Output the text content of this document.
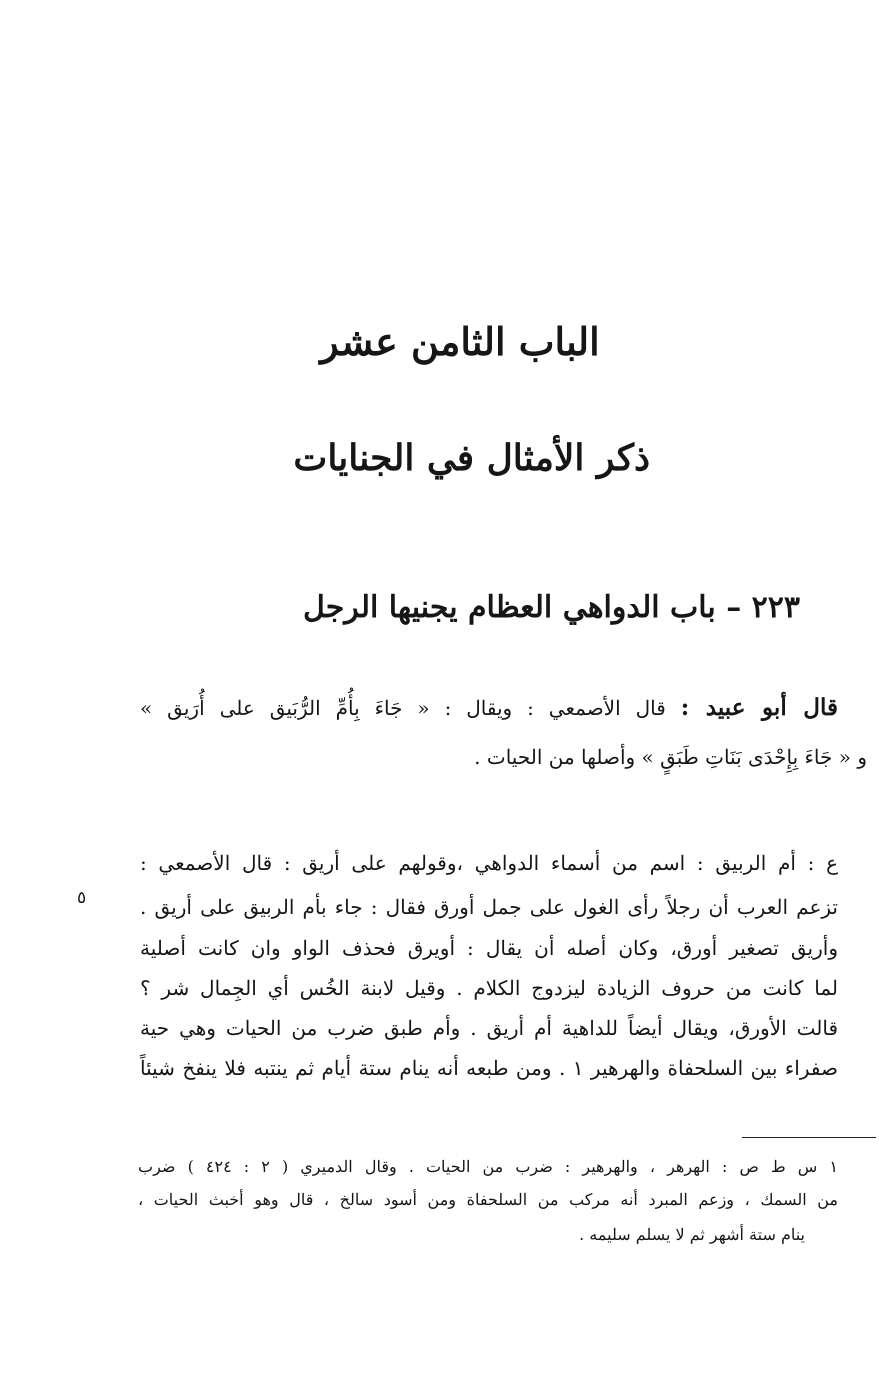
الباب الثامن عشر
ذكر الأمثال في الجنايات
٢٢٣ – باب الدواهي العظام يجنيها الرجل
قال أبو عبيد : قال الأصمعي : ويقال : « جَاءَ بِأُمِّ الرُّبَيق على أُرَيق »
و « جَاءَ بِإِحْدَى بَنَاتِ طَبَقٍ » وأصلها من الحيات .
ع : أم الربيق : اسم من أسماء الدواهي ،وقولهم على أريق : قال الأصمعي :
تزعم العرب أن رجلاً رأى الغول على جمل أورق فقال : جاء بأم الربيق على أريق .
وأريق تصغير أورق، وكان أصله أن يقال : أويرق فحذف الواو وان كانت أصلية
لما كانت من حروف الزيادة ليزدوج الكلام . وقيل لابنة الخُس أي الجِمال شر ؟
قالت الأورق، ويقال أيضاً للداهية أم أريق . وأم طبق ضرب من الحيات وهي حية
صفراء بين السلحفاة والهرهير ١ . ومن طبعه أنه ينام ستة أيام ثم ينتبه فلا ينفخ شيئاً
٥
١ س ط ص : الهرهر ، والهرهير : ضرب من الحيات . وقال الدميري ( ٢ : ٤٢٤ ) ضرب
من السمك ، وزعم المبرد أنه مركب من السلحفاة ومن أسود سالخ ، قال وهو أخبث الحيات ،
ينام ستة أشهر ثم لا يسلم سليمه .
